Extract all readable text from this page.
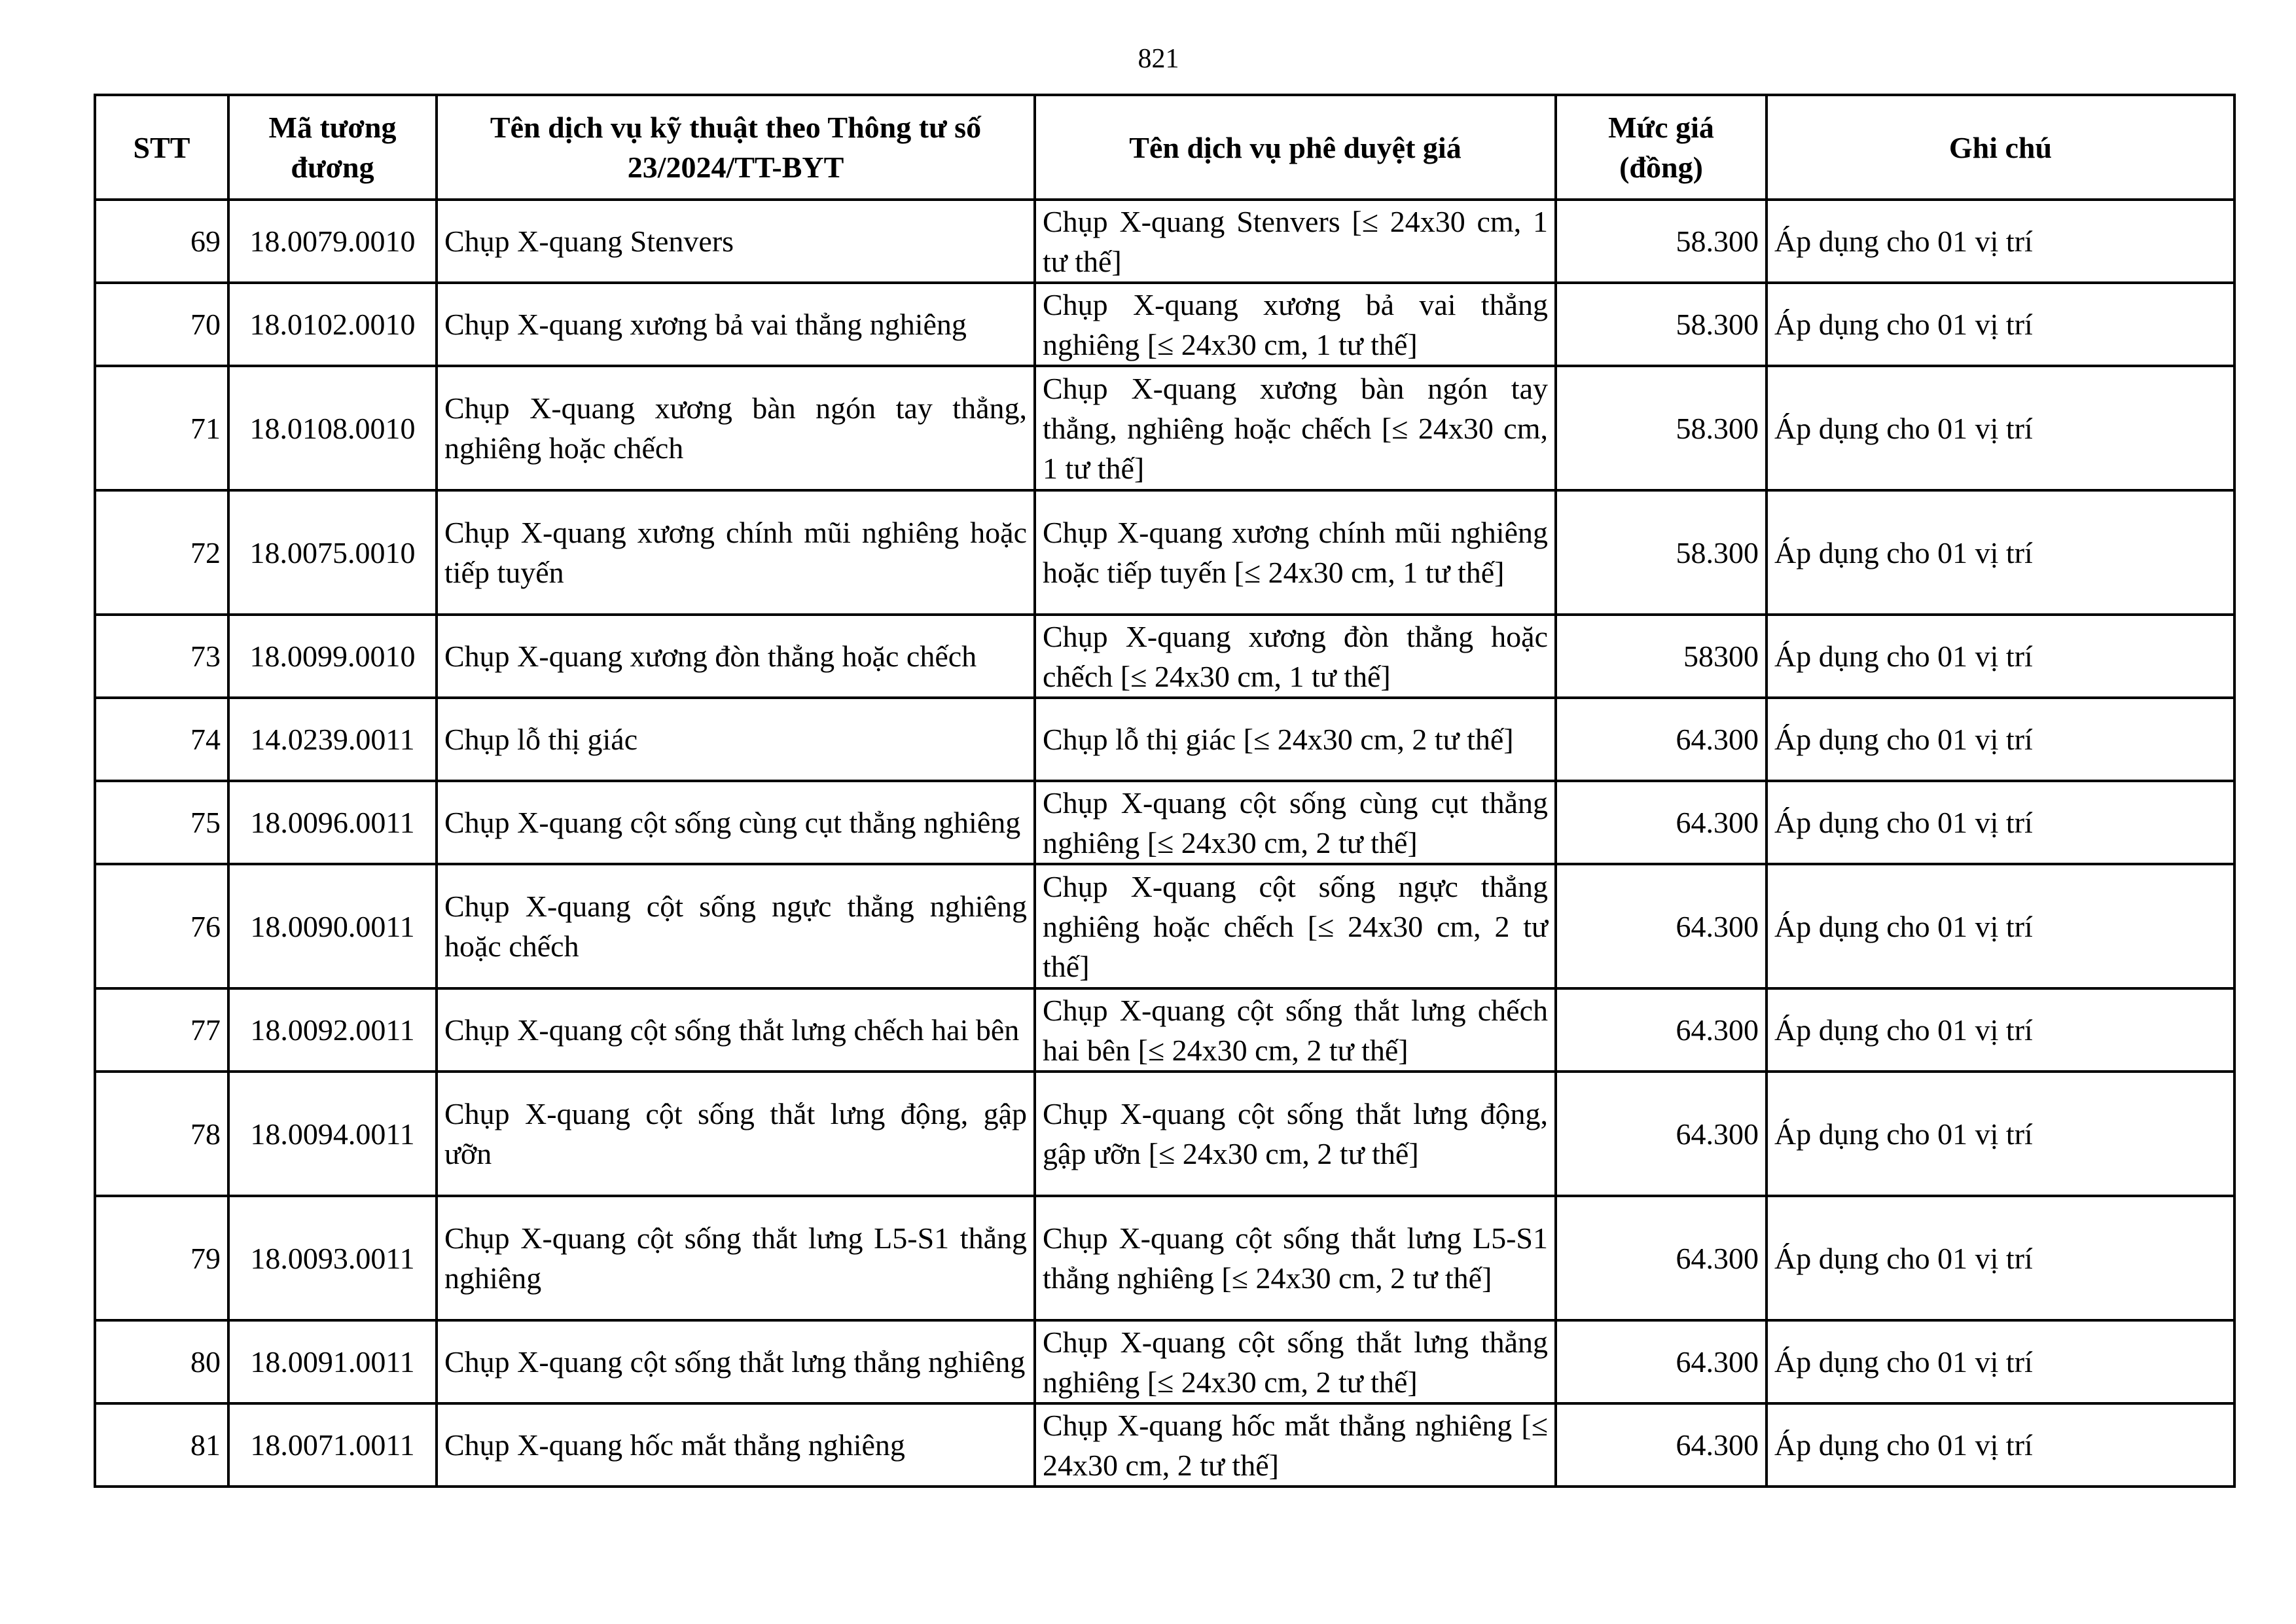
821
STT	Mã tương đương	Tên dịch vụ kỹ thuật theo Thông tư số 23/2024/TT-BYT	Tên dịch vụ phê duyệt giá	Mức giá (đồng)	Ghi chú
69	18.0079.0010	Chụp X-quang Stenvers	Chụp X-quang Stenvers [≤ 24x30 cm, 1 tư thế]	58.300	Áp dụng cho 01 vị trí
70	18.0102.0010	Chụp X-quang xương bả vai thẳng nghiêng	Chụp X-quang xương bả vai thẳng nghiêng [≤ 24x30 cm, 1 tư thế]	58.300	Áp dụng cho 01 vị trí
71	18.0108.0010	Chụp X-quang xương bàn ngón tay thẳng, nghiêng hoặc chếch	Chụp X-quang xương bàn ngón tay thẳng, nghiêng hoặc chếch [≤ 24x30 cm, 1 tư thế]	58.300	Áp dụng cho 01 vị trí
72	18.0075.0010	Chụp X-quang xương chính mũi nghiêng hoặc tiếp tuyến	Chụp X-quang xương chính mũi nghiêng hoặc tiếp tuyến [≤ 24x30 cm, 1 tư thế]	58.300	Áp dụng cho 01 vị trí
73	18.0099.0010	Chụp X-quang xương đòn thẳng hoặc chếch	Chụp X-quang xương đòn thẳng hoặc chếch [≤ 24x30 cm, 1 tư thế]	58300	Áp dụng cho 01 vị trí
74	14.0239.0011	Chụp lỗ thị giác	Chụp lỗ thị giác [≤ 24x30 cm, 2 tư thế]	64.300	Áp dụng cho 01 vị trí
75	18.0096.0011	Chụp X-quang cột sống cùng cụt thẳng nghiêng	Chụp X-quang cột sống cùng cụt thẳng nghiêng [≤ 24x30 cm, 2 tư thế]	64.300	Áp dụng cho 01 vị trí
76	18.0090.0011	Chụp X-quang cột sống ngực thẳng nghiêng hoặc chếch	Chụp X-quang cột sống ngực thẳng nghiêng hoặc chếch [≤ 24x30 cm, 2 tư thế]	64.300	Áp dụng cho 01 vị trí
77	18.0092.0011	Chụp X-quang cột sống thắt lưng chếch hai bên	Chụp X-quang cột sống thắt lưng chếch hai bên [≤ 24x30 cm, 2 tư thế]	64.300	Áp dụng cho 01 vị trí
78	18.0094.0011	Chụp X-quang cột sống thắt lưng động, gập ưỡn	Chụp X-quang cột sống thắt lưng động, gập ưỡn [≤ 24x30 cm, 2 tư thế]	64.300	Áp dụng cho 01 vị trí
79	18.0093.0011	Chụp X-quang cột sống thắt lưng L5-S1 thẳng nghiêng	Chụp X-quang cột sống thắt lưng L5-S1 thẳng nghiêng [≤ 24x30 cm, 2 tư thế]	64.300	Áp dụng cho 01 vị trí
80	18.0091.0011	Chụp X-quang cột sống thắt lưng thẳng nghiêng	Chụp X-quang cột sống thắt lưng thẳng nghiêng [≤ 24x30 cm, 2 tư thế]	64.300	Áp dụng cho 01 vị trí
81	18.0071.0011	Chụp X-quang hốc mắt thẳng nghiêng	Chụp X-quang hốc mắt thẳng nghiêng [≤ 24x30 cm, 2 tư thế]	64.300	Áp dụng cho 01 vị trí
